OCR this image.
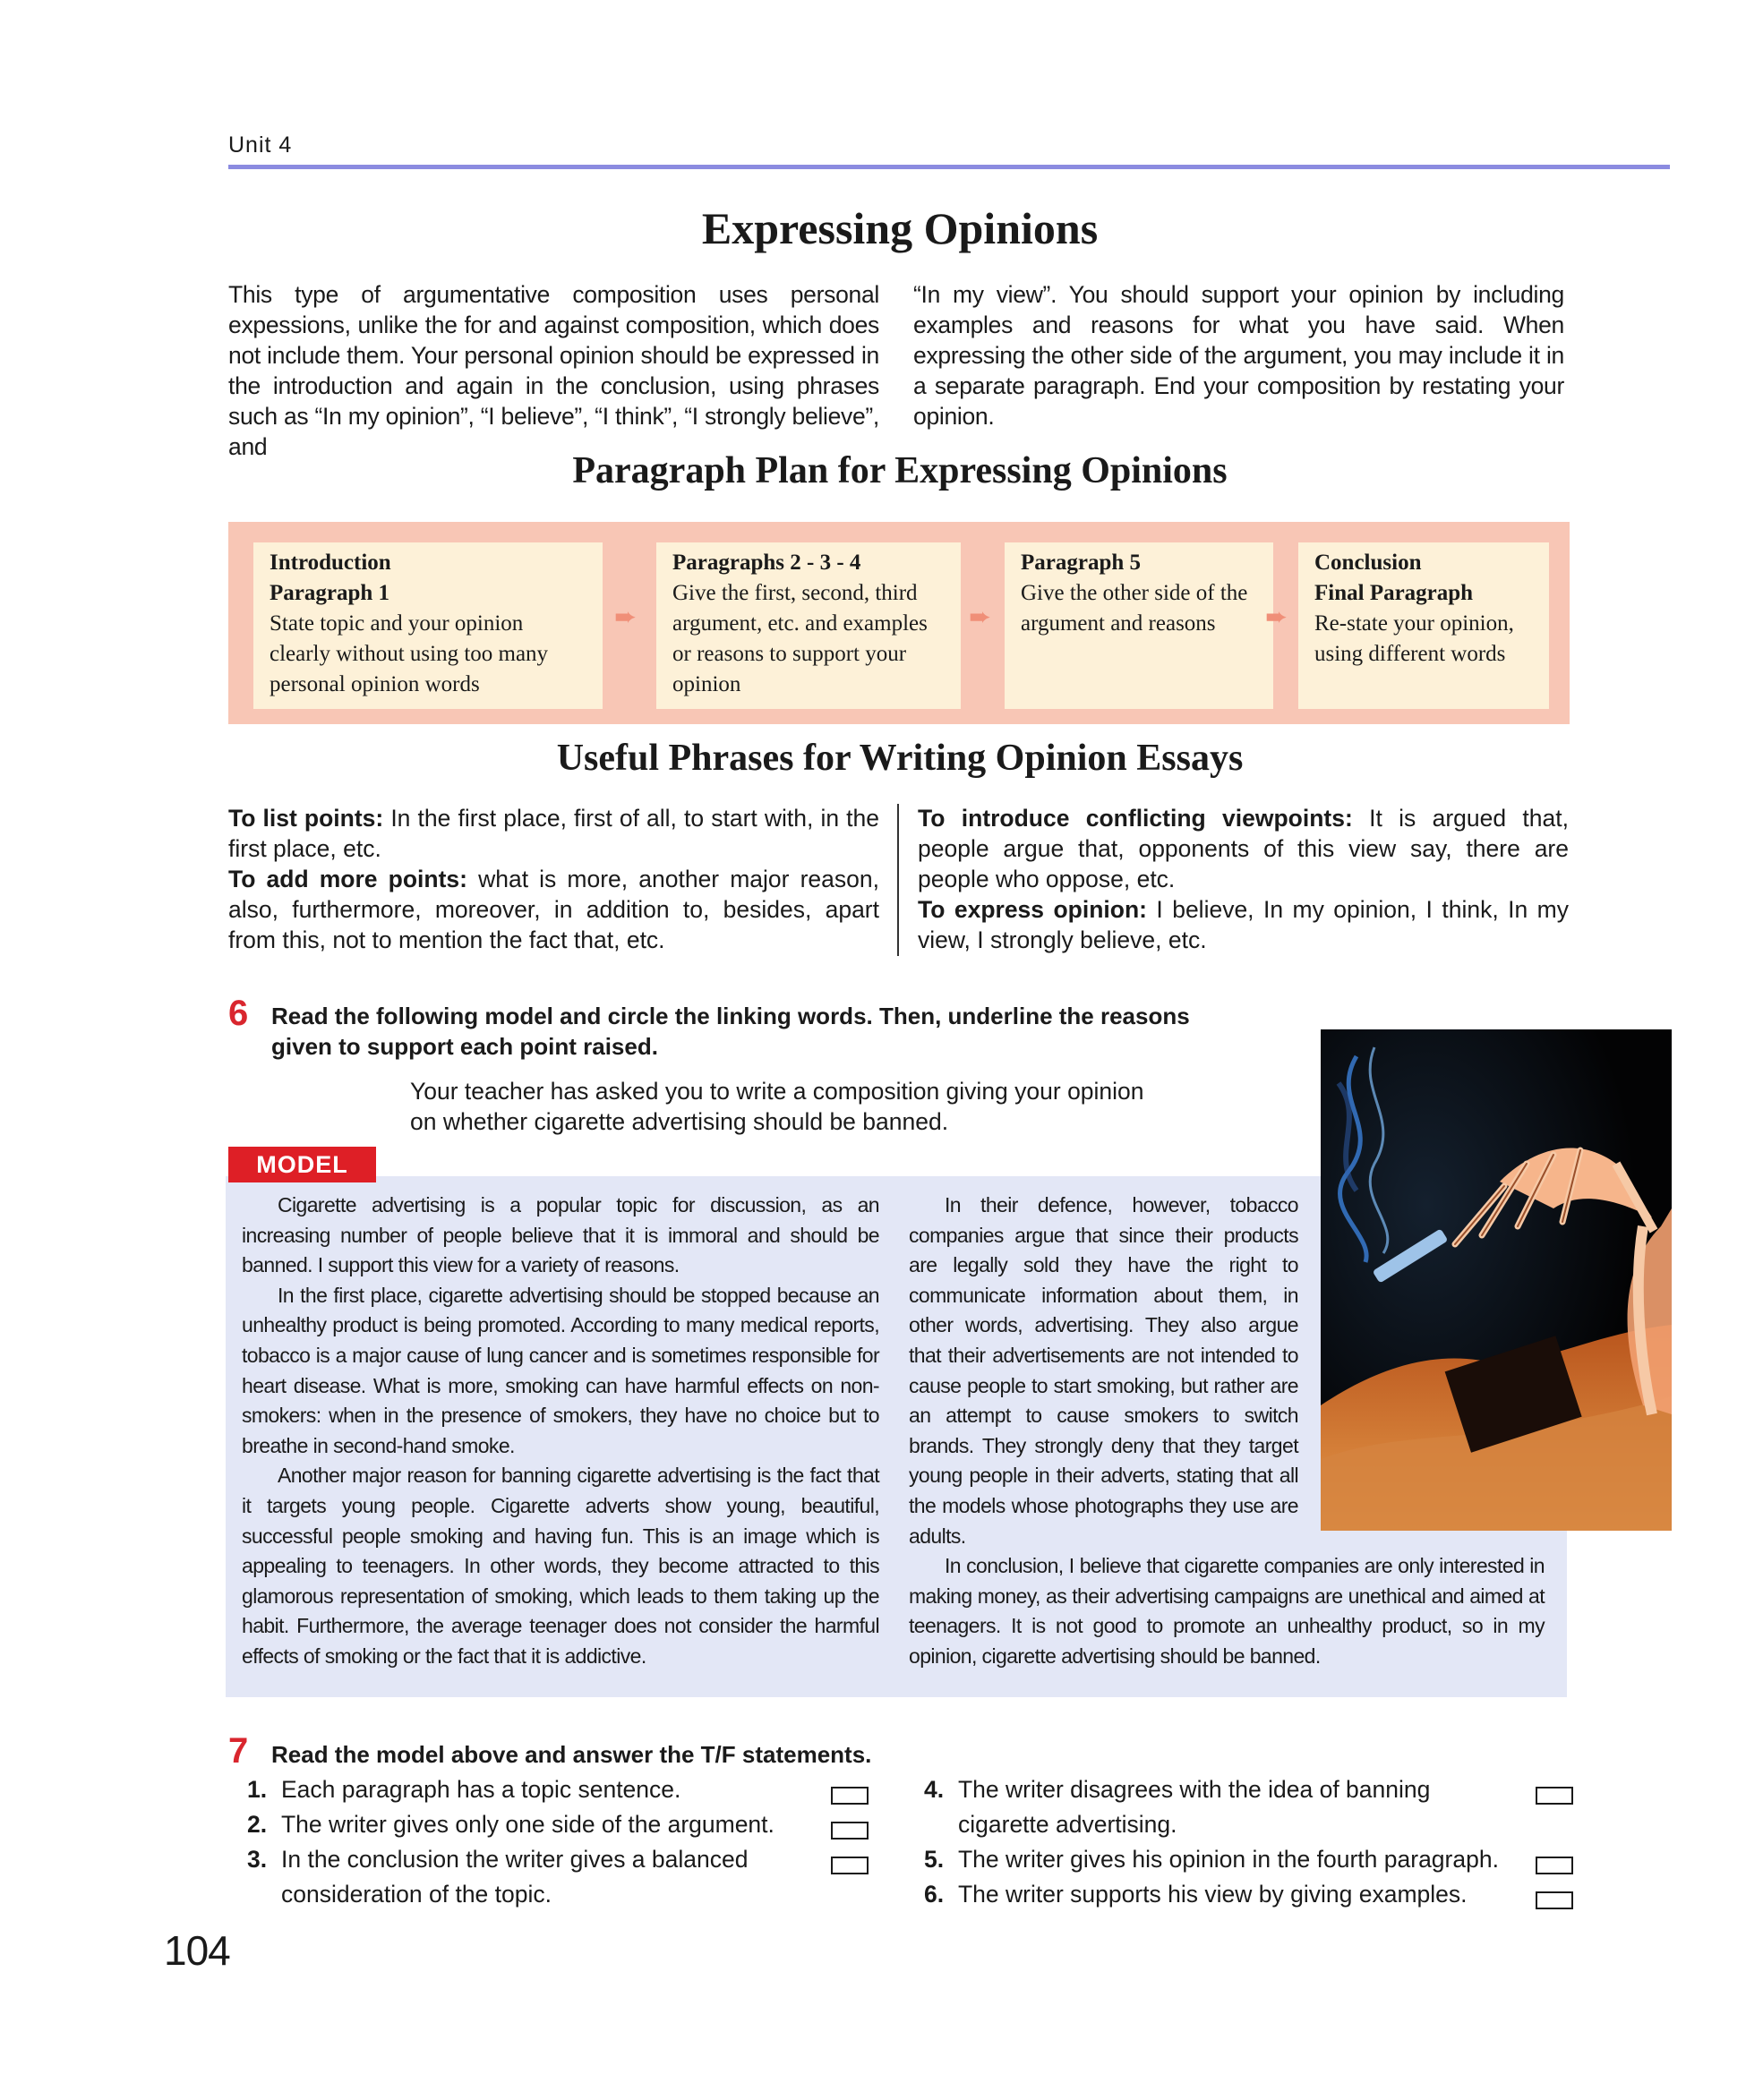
Unit 4
Expressing Opinions
This type of argumentative composition uses personal expessions, unlike the for and against composition, which does not include them. Your personal opinion should be expressed in the introduction and again in the conclusion, using phrases such as “In my opinion”, “I believe”, “I think”, “I strongly believe”, and
“In my view”. You should support your opinion by including examples and reasons for what you have said. When expressing the other side of the argument, you may include it in a separate paragraph. End your composition by restating your opinion.
Paragraph Plan for Expressing Opinions
Introduction
Paragraph 1
State topic and your opinion clearly without using too many personal opinion words
➨
Paragraphs 2 - 3 - 4
Give the first, second, third argument, etc. and examples or reasons to support your opinion
➨
Paragraph 5
Give the other side of the argument and reasons	➨
Conclusion
Final Paragraph
Re-state your opinion, using different words
Useful Phrases for Writing Opinion Essays
To list points: In the first place, first of all, to start with, in the first place, etc.
To add more points: what is more, another major reason, also, furthermore, moreover, in addition to, besides, apart from this, not to mention the fact that, etc.
To introduce conflicting viewpoints: It is argued that, people argue that, opponents of this view say, there are people who oppose, etc.
To express opinion: I believe, In my opinion, I think, In my view, I strongly believe, etc.
6 Read the following model and circle the linking words. Then, underline the reasons
given to support each point raised.
Your teacher has asked you to write a composition giving your opinion
on whether cigarette advertising should be banned.
MODEL

Cigarette advertising is a popular topic for discussion, as an increasing number of people believe that it is immoral and should be banned. I support this view for a variety of reasons.

In the first place, cigarette advertising should be stopped because an unhealthy product is being promoted. According to many medical reports, tobacco is a major cause of lung cancer and is sometimes responsible for heart disease. What is more, smoking can have harmful effects on non-smokers: when in the presence of smokers, they have no choice but to breathe in second-hand smoke.

Another major reason for banning cigarette advertising is the fact that it targets young people. Cigarette adverts show young, beautiful, successful people smoking and having fun. This is an image which is appealing to teenagers. In other words, they become attracted to this glamorous representation of smoking, which leads to them taking up the habit. Furthermore, the average teenager does not consider the harmful effects of smoking or the fact that it is addictive.

In their defence, however, tobacco companies argue that since their products are legally sold they have the right to communicate information about them, in other words, advertising. They also argue that their advertisements are not intended to cause people to start smoking, but rather are an attempt to cause smokers to switch brands. They strongly deny that they target young people in their adverts, stating that all the models whose photographs they use are adults.

In conclusion, I believe that cigarette companies are only interested in making money, as their advertising campaigns are unethical and aimed at teenagers. It is not good to promote an unhealthy product, so in my opinion, cigarette advertising should be banned.

7 Read the model above and answer the T/F statements.
1. Each paragraph has a topic sentence.
2. The writer gives only one side of the argument.
3. In the conclusion the writer gives a balanced
consideration of the topic.
4. The writer disagrees with the idea of banning
cigarette advertising.
5. The writer gives his opinion in the fourth paragraph.
6. The writer supports his view by giving examples.
104
